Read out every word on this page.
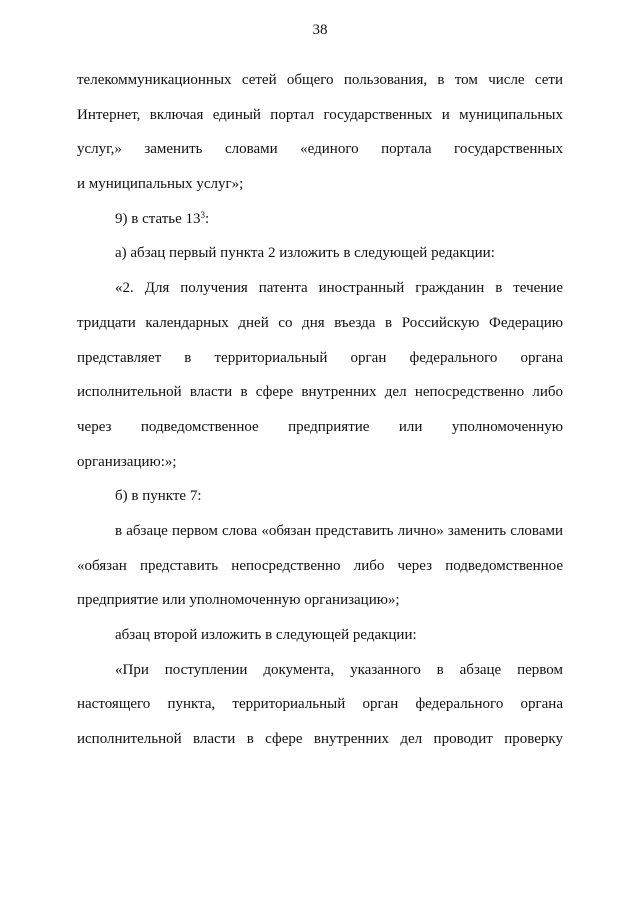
38
телекоммуникационных сетей общего пользования, в том числе сети
Интернет, включая единый портал государственных и муниципальных
услуг,» заменить словами «единого портала государственных
и муниципальных услуг»;
9) в статье $13^3$:
а) абзац первый пункта 2 изложить в следующей редакции:
«2. Для получения патента иностранный гражданин в течение
тридцати календарных дней со дня въезда в Российскую Федерацию
представляет в территориальный орган федерального органа
исполнительной власти в сфере внутренних дел непосредственно либо
через подведомственное предприятие или уполномоченную
организацию:»;
б) в пункте 7:
в абзаце первом слова «обязан представить лично» заменить словами
«обязан представить непосредственно либо через подведомственное
предприятие или уполномоченную организацию»;
абзац второй изложить в следующей редакции:
«При поступлении документа, указанного в абзаце первом
настоящего пункта, территориальный орган федерального органа
исполнительной власти в сфере внутренних дел проводит проверку
